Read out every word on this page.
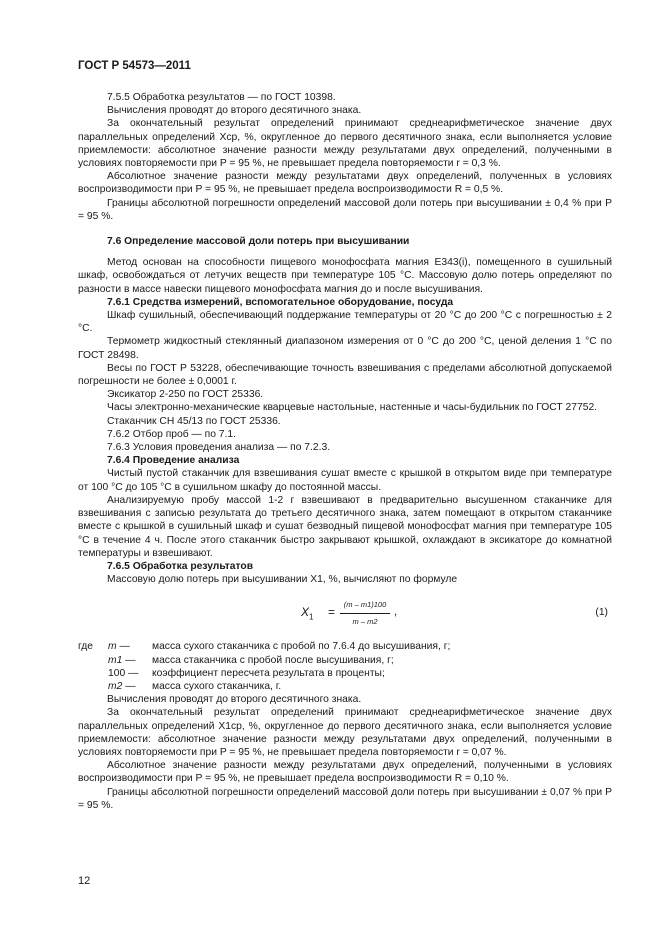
ГОСТ Р 54573—2011

7.5.5 Обработка результатов — по ГОСТ 10398.

Вычисления проводят до второго десятичного знака.

За окончательный результат определений принимают среднеарифметическое значение двух параллельных определений Xср, %, округленное до первого десятичного знака, если выполняется условие приемлемости: абсолютное значение разности между результатами двух определений, полученными в условиях повторяемости при P = 95 %, не превышает предела повторяемости r = 0,3 %.

Абсолютное значение разности между результатами двух определений, полученных в условиях воспроизводимости при P = 95 %, не превышает предела воспроизводимости R = 0,5 %.

Границы абсолютной погрешности определений массовой доли потерь при высушивании ± 0,4 % при P = 95 %.

7.6 Определение массовой доли потерь при высушивании

Метод основан на способности пищевого монофосфата магния Е343(i), помещенного в сушильный шкаф, освобождаться от летучих веществ при температуре 105 °С. Массовую долю потерь определяют по разности в массе навески пищевого монофосфата магния до и после высушивания.

7.6.1 Средства измерений, вспомогательное оборудование, посуда

Шкаф сушильный, обеспечивающий поддержание температуры от 20 °С до 200 °С с погрешностью ± 2 °С.

Термометр жидкостный стеклянный диапазоном измерения от 0 °С до 200 °С, ценой деления 1 °С по ГОСТ 28498.

Весы по ГОСТ Р 53228, обеспечивающие точность взвешивания с пределами абсолютной допускаемой погрешности не более ± 0,0001 г.

Эксикатор 2-250 по ГОСТ 25336.

Часы электронно-механические кварцевые настольные, настенные и часы-будильник по ГОСТ 27752.

Стаканчик СН 45/13 по ГОСТ 25336.

7.6.2 Отбор проб — по 7.1.

7.6.3 Условия проведения анализа — по 7.2.3.

7.6.4 Проведение анализа

Чистый пустой стаканчик для взвешивания сушат вместе с крышкой в открытом виде при температуре от 100 °С до 105 °С в сушильном шкафу до постоянной массы.

Анализируемую пробу массой 1-2 г взвешивают в предварительно высушенном стаканчике для взвешивания с записью результата до третьего десятичного знака, затем помещают в открытом стаканчике вместе с крышкой в сушильный шкаф и сушат безводный пищевой монофосфат магния при температуре 105 °С в течение 4 ч. После этого стаканчик быстро закрывают крышкой, охлаждают в эксикаторе до комнатной температуры и взвешивают.

7.6.5 Обработка результатов

Массовую долю потерь при высушивании X1, %, вычисляют по формуле

$X_1 = \frac{(m - m1)100}{m - m2}$ ,	(1)
где	m —	масса сухого стаканчика с пробой по 7.6.4 до высушивания, г;
m1 —	масса стаканчика с пробой после высушивания, г;
100 —	коэффициент пересчета результата в проценты;
m2 —	масса сухого стаканчика, г.

Вычисления проводят до второго десятичного знака.

За окончательный результат определений принимают среднеарифметическое значение двух параллельных определений X1ср, %, округленное до первого десятичного знака, если выполняется условие приемлемости: абсолютное значение разности между результатами двух определений, полученными в условиях повторяемости при P = 95 %, не превышает предела повторяемости r = 0,07 %.

Абсолютное значение разности между результатами двух определений, полученными в условиях воспроизводимости при P = 95 %, не превышает предела воспроизводимости R = 0,10 %.

Границы абсолютной погрешности определений массовой доли потерь при высушивании ± 0,07 % при P = 95 %.

12
